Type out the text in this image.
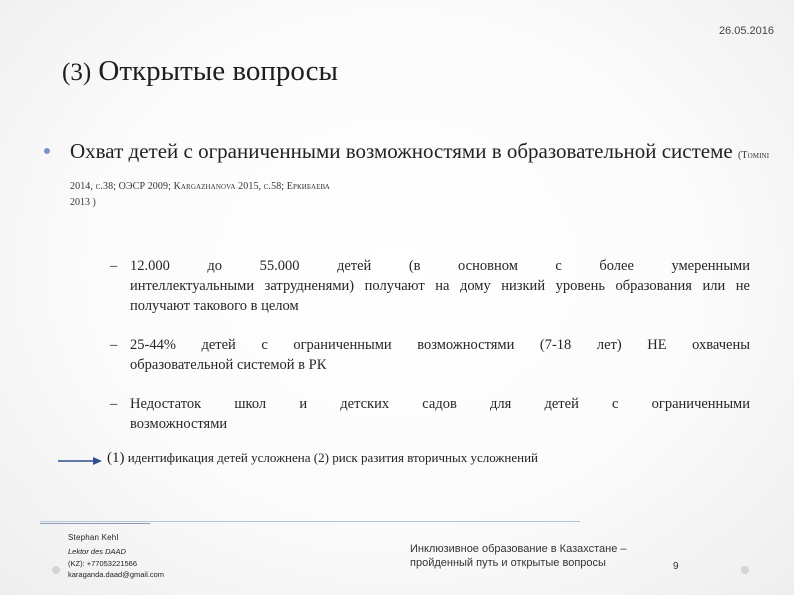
26.05.2016
(3) Открытые вопросы
Охват детей с ограниченными возможностями в образовательной системе (Tomini 2014, с.38; ОЭСР 2009; Kargazhanova 2015, с.58; Еркибаева
2013 )
– 12.000 до 55.000 детей (в основном с более умеренными
интеллектуальными затрудненями) получают на дому низкий уровень образования или не получают такового в целом
– 25-44% детей с ограниченными возможностями (7-18 лет) НЕ охвачены
образовательной системой в РК
– Недостаток школ и детских садов для детей с ограниченными
возможностями
(1) идентификация детей усложнена (2) риск разития вторичных усложнений
Stephan Kehl
Lektor des DAAD
(KZ): +77053221566
karaganda.daad@gmail.com
Инклюзивное образование в Казахстане –
пройденный путь и открытые вопросы	9
